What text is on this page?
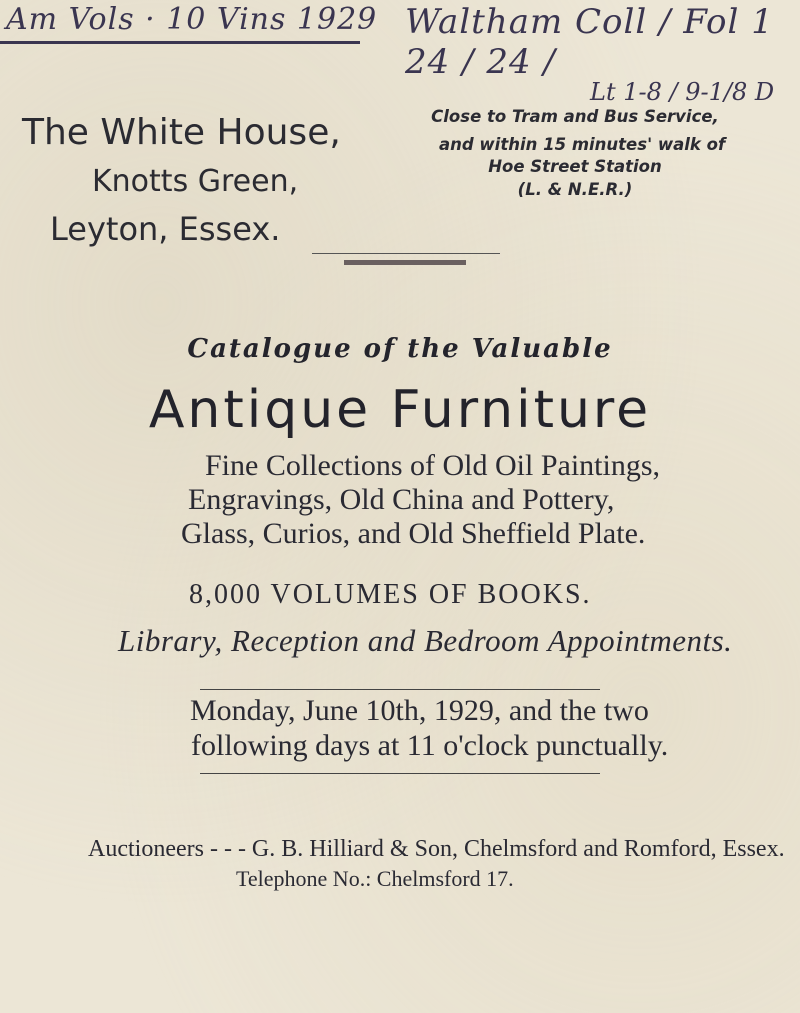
Am Vols · 10 Vins 1929 Waltham Coll / Fol 1 24 / 24 /
Lt 1-8 / 9-1/8 D
The White House,
Knotts Green,
Leyton, Essex.
Close to Tram and Bus Service,
and within 15 minutes' walk of
Hoe Street Station
(L. & N.E.R.)
Catalogue of the Valuable
Antique Furniture
Fine Collections of Old Oil Paintings,
Engravings, Old China and Pottery,
Glass, Curios, and Old Sheffield Plate.
8,000 VOLUMES OF BOOKS.
Library, Reception and Bedroom Appointments.
Monday, June 10th, 1929, and the two
following days at 11 o'clock punctually.
Auctioneers - - - G. B. Hilliard & Son, Chelmsford and Romford, Essex.
Telephone No.: Chelmsford 17.
